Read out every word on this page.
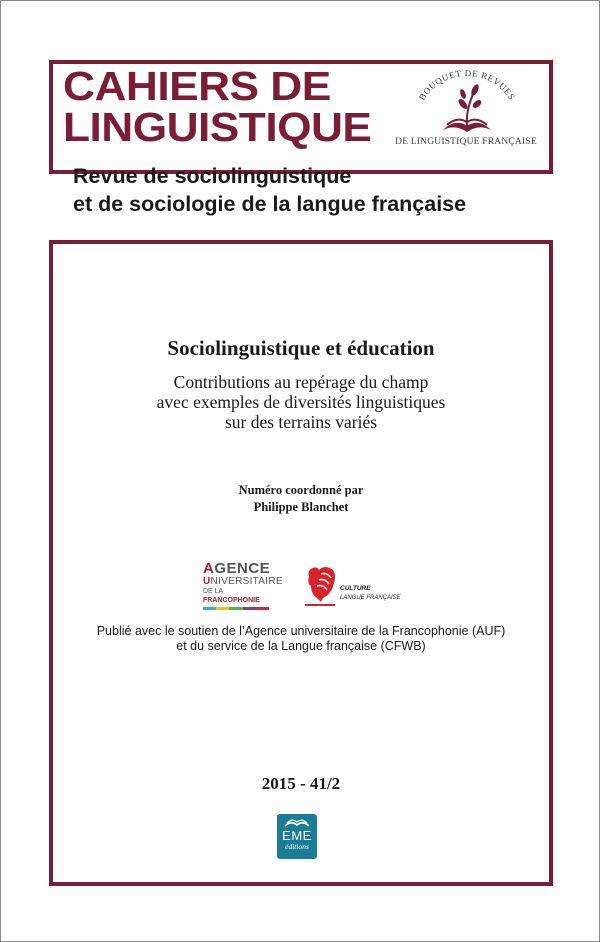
CAHIERS DE
LINGUISTIQUE
BOUQUET DE REVUES
DE LINGUISTIQUE FRANÇAISE
Revue de sociolinguistique
et de sociologie de la langue française
Sociolinguistique et éducation
Contributions au repérage du champ
avec exemples de diversités linguistiques
sur des terrains variés
Numéro coordonné par
Philippe Blanchet
AGENCE
UNIVERSITAIRE
DE LA FRANCOPHONIE
CULTURE
LANGUE FRANÇAISE
Publié avec le soutien de l’Agence universitaire de la Francophonie (AUF)
et du service de la Langue française (CFWB)
2015 - 41/2
EME
éditions
